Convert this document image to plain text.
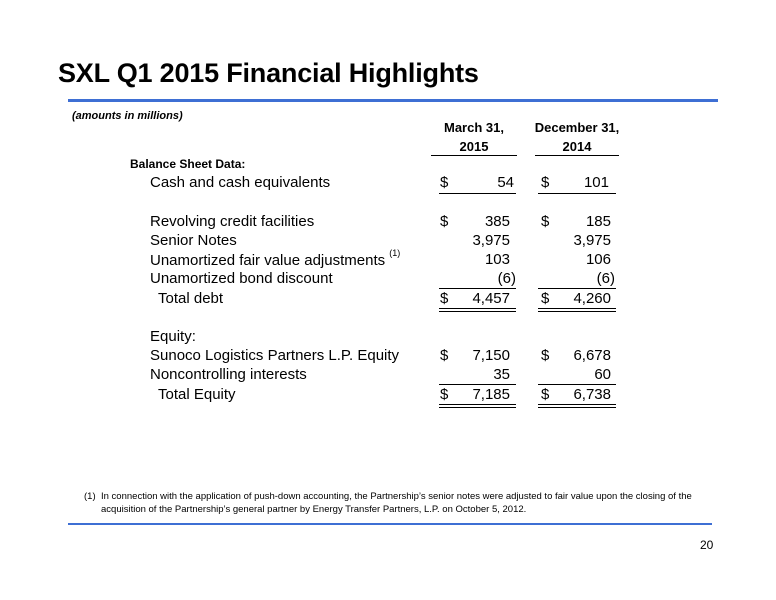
SXL Q1 2015 Financial Highlights
(amounts in millions)
March 31,
2015
December 31,
2014
Balance Sheet Data:
Cash and cash equivalents	$	54 $	101
Revolving credit facilities	$	385 $	185
Senior Notes	3,975	3,975
Unamortized fair value adjustments $^{(1)}$	103	106
Unamortized bond discount	(6)	(6)
Total debt	$	4,457 $	4,260
Equity:
Sunoco Logistics Partners L.P. Equity	$	7,150 $	6,678
Noncontrolling interests	35	60
Total Equity	$	7,185 $	6,738
(1) In connection with the application of push-down accounting, the Partnership’s senior notes were adjusted to fair value upon the closing of the acquisition of the Partnership’s general partner by Energy Transfer Partners, L.P. on October 5, 2012.
20
